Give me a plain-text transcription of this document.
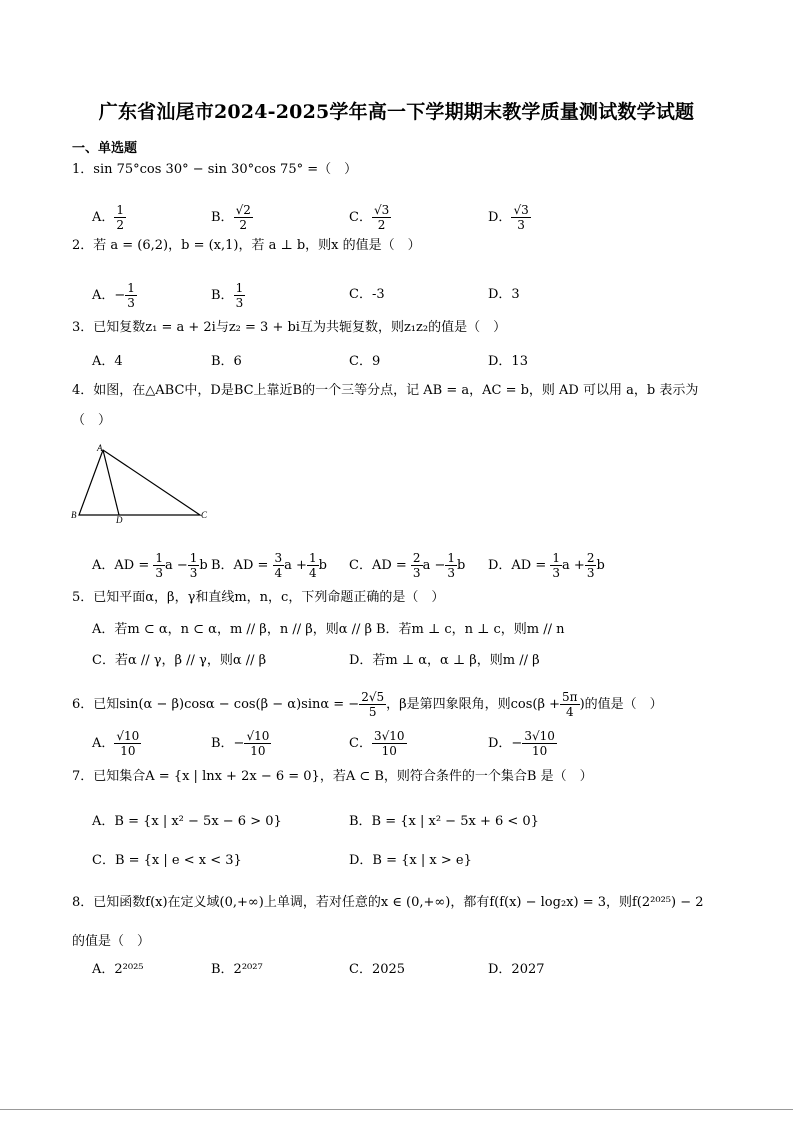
广东省汕尾市2024-2025学年高一下学期期末教学质量测试数学试题
一、单选题
1．sin 75°cos 30° − sin 30°cos 75° =（　）
A． $\frac{1}{2}$	B． $\frac{√2}{2}$	C． $\frac{√3}{2}$	D． $\frac{√3}{3}$
2．若 a = (6,2)，b = (x,1)，若 a ⊥ b，则x 的值是（　）
A．− $\frac{1}{3}$	B． $\frac{1}{3}$	C．-3	D．3
3．已知复数z₁ = a + 2i与z₂ = 3 + bi互为共轭复数，则z₁z₂的值是（　）
A．4	B．6	C．9	D．13
4．如图，在△ABC中，D是BC上靠近B的一个三等分点，记 AB = a，AC = b，则 AD 可以用 a，b 表示为
（　）
A
B	D	C
A．AD = $\frac{1}{3}$ $a - \frac{1}{3}$ b B．AD = $\frac{3}{4}$ $a + \frac{1}{4}$ b C．AD = $\frac{2}{3}$ $a - \frac{1}{3}$ b D．AD = $\frac{1}{3}$ $a + \frac{2}{3}$ b
5．已知平面α，β，γ和直线m，n，c，下列命题正确的是（　）
A．若m ⊂ α，n ⊂ α，m // β，n // β，则α // β B．若m ⊥ c，n ⊥ c，则m // n
C．若α // γ，β // γ，则α // β	D．若m ⊥ α，α ⊥ β，则m // β
6．已知sin(α − β)cosα − cos(β − α)sinα = − $\frac{2√5}{5}$ ，β是第四象限角，则$\cos(\beta + \frac{5\pi}{4}$ )的值是（　）
A． $\frac{√10}{10}$	B．− $\frac{√10}{10}$	C． $\frac{3√10}{10}$	D．− $\frac{3√10}{10}$
7．已知集合A = {x | lnx + 2x − 6 = 0}，若A ⊂ B，则符合条件的一个集合B 是（　）
A．B = {x | x² − 5x − 6 > 0}	B．B = {x | x² − 5x + 6 < 0}
C．B = {x | e < x < 3}	D．B = {x | x > e}
8．已知函数f(x)在定义域(0,+∞)上单调，若对任意的x ∈ (0,+∞)，都有f(f(x) − log₂x) = 3，则f(2²⁰²⁵) − 2
的值是（　）
A．2²⁰²⁵	B．2²⁰²⁷	C．2025	D．2027
